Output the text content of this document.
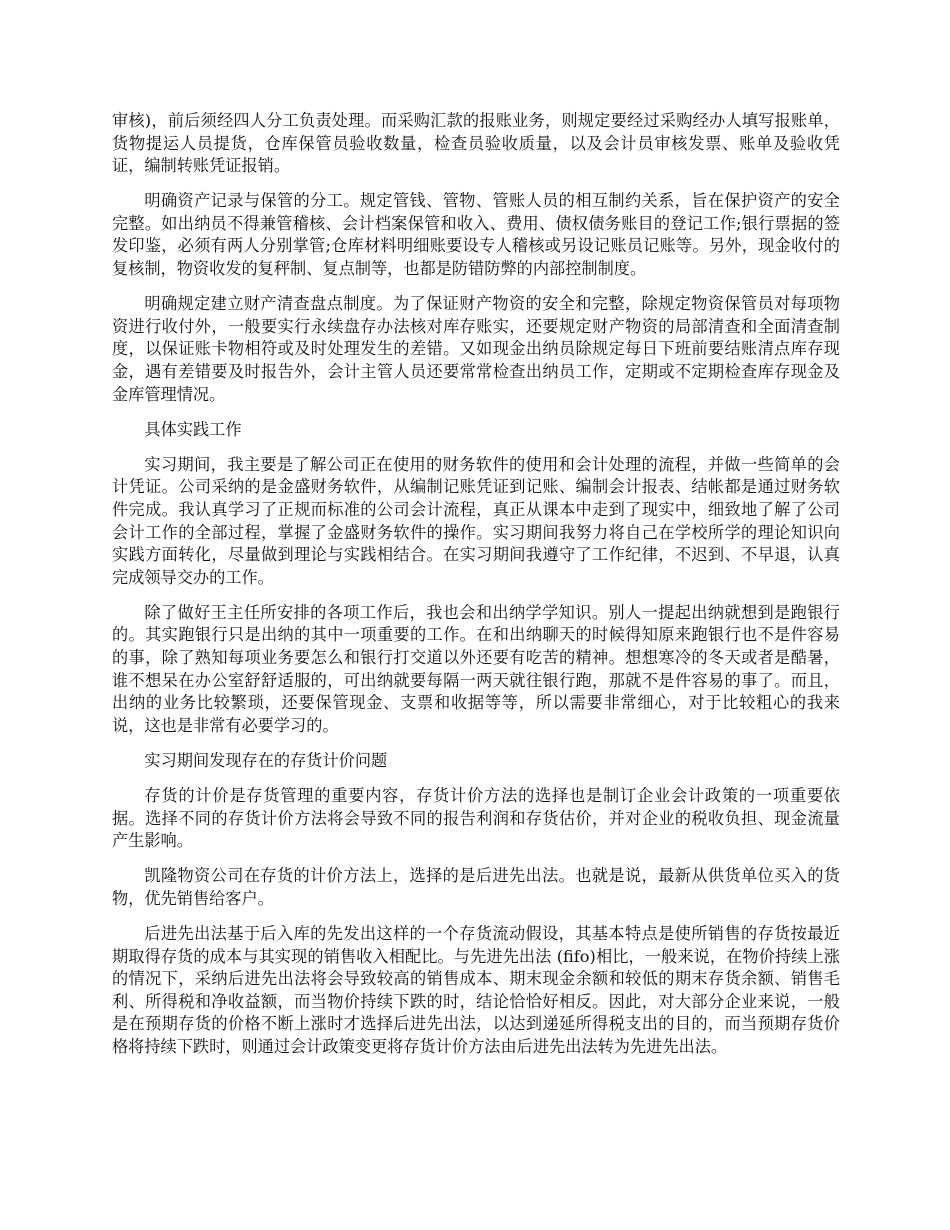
审核)，前后须经四人分工负责处理。而采购汇款的报账业务，则规定要经过采购经办人填写报账单，货物提运人员提货，仓库保管员验收数量，检查员验收质量，以及会计员审核发票、账单及验收凭证，编制转账凭证报销。

明确资产记录与保管的分工。规定管钱、管物、管账人员的相互制约关系，旨在保护资产的安全完整。如出纳员不得兼管稽核、会计档案保管和收入、费用、债权债务账目的登记工作;银行票据的签发印鉴，必须有两人分别掌管;仓库材料明细账要设专人稽核或另设记账员记账等。另外，现金收付的复核制，物资收发的复秤制、复点制等，也都是防错防弊的内部控制制度。

明确规定建立财产清查盘点制度。为了保证财产物资的安全和完整，除规定物资保管员对每项物资进行收付外，一般要实行永续盘存办法核对库存账实，还要规定财产物资的局部清查和全面清查制度，以保证账卡物相符或及时处理发生的差错。又如现金出纳员除规定每日下班前要结账清点库存现金，遇有差错要及时报告外，会计主管人员还要常常检查出纳员工作，定期或不定期检查库存现金及金库管理情况。

具体实践工作

实习期间，我主要是了解公司正在使用的财务软件的使用和会计处理的流程，并做一些简单的会计凭证。公司采纳的是金盛财务软件，从编制记账凭证到记账、编制会计报表、结帐都是通过财务软件完成。我认真学习了正规而标准的公司会计流程，真正从课本中走到了现实中，细致地了解了公司会计工作的全部过程，掌握了金盛财务软件的操作。实习期间我努力将自己在学校所学的理论知识向实践方面转化，尽量做到理论与实践相结合。在实习期间我遵守了工作纪律，不迟到、不早退，认真完成领导交办的工作。

除了做好王主任所安排的各项工作后，我也会和出纳学学知识。别人一提起出纳就想到是跑银行的。其实跑银行只是出纳的其中一项重要的工作。在和出纳聊天的时候得知原来跑银行也不是件容易的事，除了熟知每项业务要怎么和银行打交道以外还要有吃苦的精神。想想寒冷的冬天或者是酷暑，谁不想呆在办公室舒舒适服的，可出纳就要每隔一两天就往银行跑，那就不是件容易的事了。而且，出纳的业务比较繁琐，还要保管现金、支票和收据等等，所以需要非常细心，对于比较粗心的我来说，这也是非常有必要学习的。

实习期间发现存在的存货计价问题

存货的计价是存货管理的重要内容，存货计价方法的选择也是制订企业会计政策的一项重要依据。选择不同的存货计价方法将会导致不同的报告利润和存货估价，并对企业的税收负担、现金流量产生影响。

凯隆物资公司在存货的计价方法上，选择的是后进先出法。也就是说，最新从供货单位买入的货物，优先销售给客户。

后进先出法基于后入库的先发出这样的一个存货流动假设，其基本特点是使所销售的存货按最近期取得存货的成本与其实现的销售收入相配比。与先进先出法 (fifo)相比，一般来说，在物价持续上涨的情况下，采纳后进先出法将会导致较高的销售成本、期末现金余额和较低的期末存货余额、销售毛利、所得税和净收益额，而当物价持续下跌的时，结论恰恰好相反。因此，对大部分企业来说，一般是在预期存货的价格不断上涨时才选择后进先出法，以达到递延所得税支出的目的，而当预期存货价格将持续下跌时，则通过会计政策变更将存货计价方法由后进先出法转为先进先出法。
